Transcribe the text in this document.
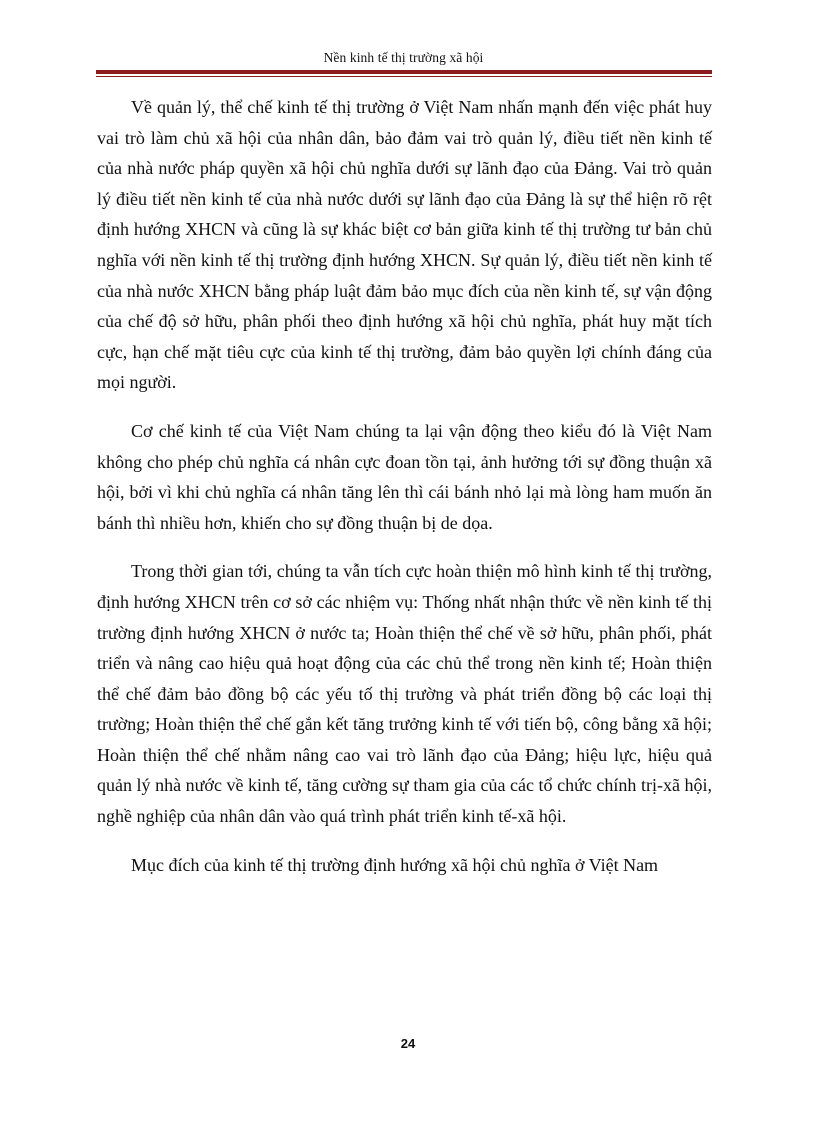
Nền kinh tế thị trường xã hội

Về quản lý, thể chế kinh tế thị trường ở Việt Nam nhấn mạnh đến việc phát huy vai trò làm chủ xã hội của nhân dân, bảo đảm vai trò quản lý, điều tiết nền kinh tế của nhà nước pháp quyền xã hội chủ nghĩa dưới sự lãnh đạo của Đảng. Vai trò quản lý điều tiết nền kinh tế của nhà nước dưới sự lãnh đạo của Đảng là sự thể hiện rõ rệt định hướng XHCN và cũng là sự khác biệt cơ bản giữa kinh tế thị trường tư bản chủ nghĩa với nền kinh tế thị trường định hướng XHCN. Sự quản lý, điều tiết nền kinh tế của nhà nước XHCN bằng pháp luật đảm bảo mục đích của nền kinh tế, sự vận động của chế độ sở hữu, phân phối theo định hướng xã hội chủ nghĩa, phát huy mặt tích cực, hạn chế mặt tiêu cực của kinh tế thị trường, đảm bảo quyền lợi chính đáng của mọi người.

Cơ chế kinh tế của Việt Nam chúng ta lại vận động theo kiểu đó là Việt Nam không cho phép chủ nghĩa cá nhân cực đoan tồn tại, ảnh hưởng tới sự đồng thuận xã hội, bởi vì khi chủ nghĩa cá nhân tăng lên thì cái bánh nhỏ lại mà lòng ham muốn ăn bánh thì nhiều hơn, khiến cho sự đồng thuận bị de dọa.

Trong thời gian tới, chúng ta vẫn tích cực hoàn thiện mô hình kinh tế thị trường, định hướng XHCN trên cơ sở các nhiệm vụ: Thống nhất nhận thức về nền kinh tế thị trường định hướng XHCN ở nước ta; Hoàn thiện thể chế về sở hữu, phân phối, phát triển và nâng cao hiệu quả hoạt động của các chủ thể trong nền kinh tế; Hoàn thiện thể chế đảm bảo đồng bộ các yếu tố thị trường và phát triển đồng bộ các loại thị trường; Hoàn thiện thể chế gắn kết tăng trưởng kinh tế với tiến bộ, công bằng xã hội; Hoàn thiện thể chế nhằm nâng cao vai trò lãnh đạo của Đảng; hiệu lực, hiệu quả quản lý nhà nước về kinh tế, tăng cường sự tham gia của các tổ chức chính trị-xã hội, nghề nghiệp của nhân dân vào quá trình phát triển kinh tế-xã hội.

Mục đích của kinh tế thị trường định hướng xã hội chủ nghĩa ở Việt Nam

24
